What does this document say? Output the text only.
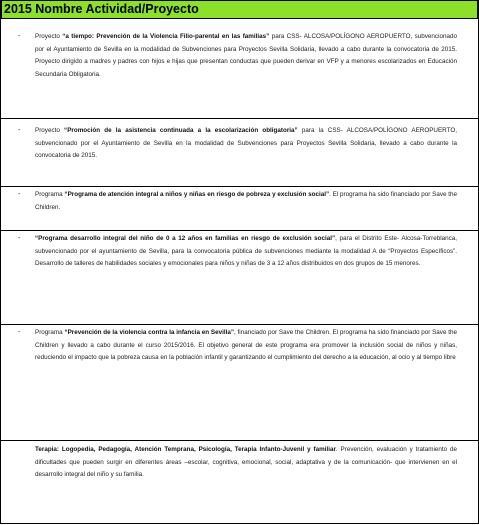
2015 Nombre Actividad/Proyecto
- Proyecto “a tiempo: Prevención de la Violencia Filio-parental en las familias” para CSS- ALCOSA/POLÍGONO AEROPUERTO, subvencionado por el Ayuntamiento de Sevilla en la modalidad de Subvenciones para Proyectos Sevilla Solidaria, llevado a cabo durante la convocatoria de 2015. Proyecto dirigido a madres y padres con hijos e hijas que presentan conductas que pueden derivar en VFP y a menores escolarizados en Educación Secundaria Obligatoria.
- Proyecto “Promoción de la asistencia continuada a la escolarización obligatoria” para la CSS- ALCOSA/POLÍGONO AEROPUERTO, subvencionado por el Ayuntamiento de Sevilla en la modalidad de Subvenciones para Proyectos Sevilla Solidaria, llevado a cabo durante la convocatoria de 2015.
- Programa “Programa de atención integral a niños y niñas en riesgo de pobreza y exclusión social”. El programa ha sido financiado por Save the Children.
- “Programa desarrollo integral del niño de 0 a 12 años en familias en riesgo de exclusión social”, para el Distrito Este- Alcosa-Torreblanca, subvencionado por el ayuntamiento de Sevilla, para la convocatoria pública de subvenciones mediante la modalidad A de “Proyectos Específicos”. Desarrollo de talleres de habilidades sociales y emocionales para niños y niñas de 3 a 12 años distribuidos en dos grupos de 15 menores.
- Programa “Prevención de la violencia contra la infancia en Sevilla”, financiado por Save the Children. El programa ha sido financiado por Save the Children y llevado a cabo durante el curso 2015/2016. El objetivo general de este programa era promover la inclusión social de niños y niñas, reduciendo el impacto que la pobreza causa en la población infantil y garantizando el cumplimiento del derecho a la educación, al ocio y al tiempo libre
Terapia: Logopedia, Pedagogía, Atención Temprana, Psicología, Terapia Infanto-Juvenil y familiar. Prevención, evaluación y tratamiento de dificultades que pueden surgir en diferentes áreas –escolar, cognitiva, emocional, social, adaptativa y de la comunicación- que intervienen en el desarrollo integral del niño y su familia.
